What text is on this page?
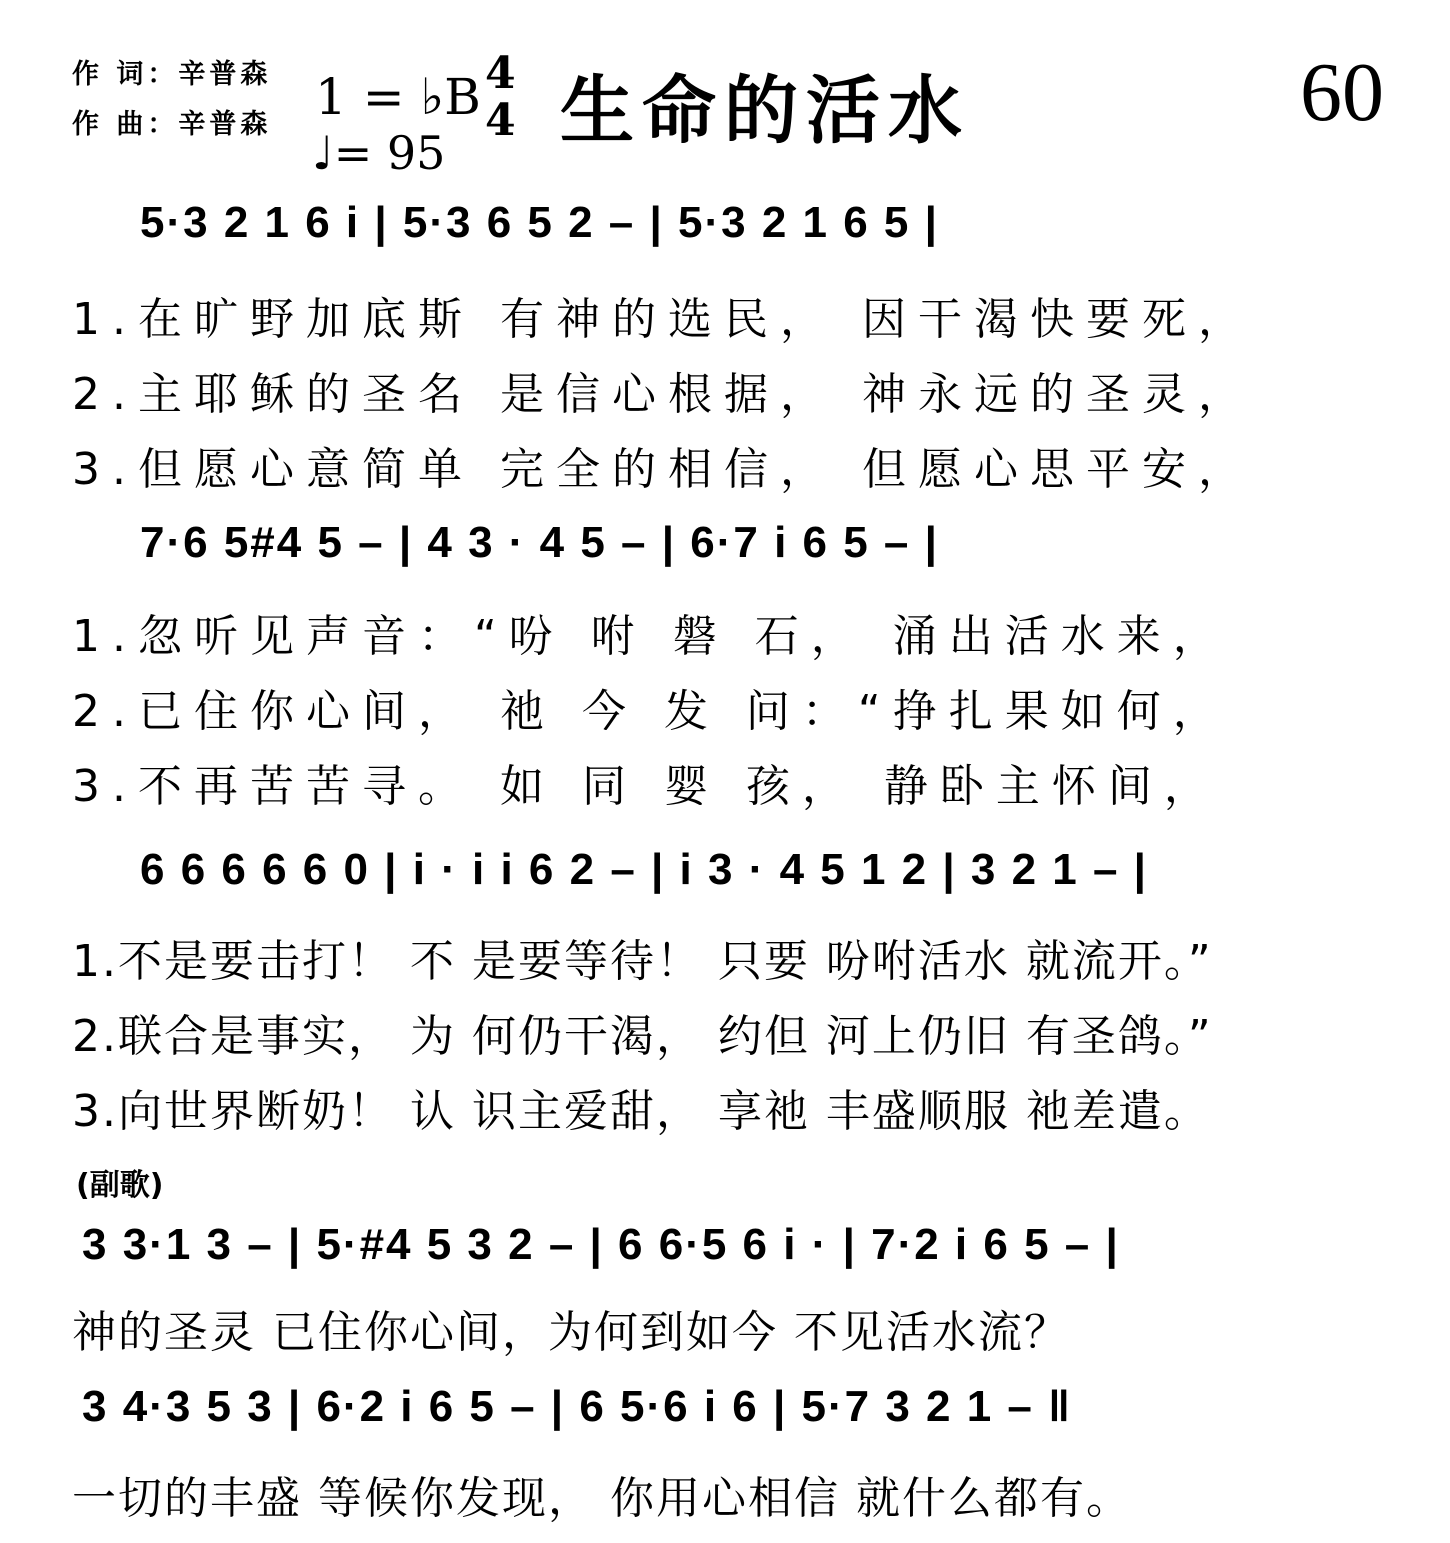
作 词：辛普森
作 曲：辛普森 1 = ♭B 4
4
♩= 95 生命的活水	60
5·3 2 1 6 i | 5·3 6 5 2 – | 5·3 2 1 6 5 |
1.在旷野加底斯 有神的选民， 因干渴快要死，
2.主耶稣的圣名 是信心根据， 神永远的圣灵，
3.但愿心意简单 完全的相信， 但愿心思平安，
7·6 5#4 5 – | 4 3 · 4 5 – | 6·7 i 6 5 – |
1.忽听见声音：“吩 咐 磐 石， 涌出活水来，
2.已住你心间， 祂 今 发 问：“挣扎果如何，
3.不再苦苦寻。 如 同 婴 孩， 静卧主怀间，
6 6 6 6 6 0 | i · i i 6 2 – | i 3 · 4 5 1 2 | 3 2 1 – |
1.不是要击打！ 不 是要等待！ 只要 吩咐活水 就流开。”
2.联合是事实， 为 何仍干渴， 约但 河上仍旧 有圣鸽。”
3.向世界断奶！ 认 识主爱甜， 享祂 丰盛顺服 祂差遣。
(副歌)
3 3·1 3 – | 5·#4 5 3 2 – | 6 6·5 6 i · | 7·2 i 6 5 – |
神的圣灵 已住你心间，为何到如今 不见活水流？
3 4·3 5 3 | 6·2 i 6 5 – | 6 5·6 i 6 | 5·7 3 2 1 – ‖
一切的丰盛 等候你发现， 你用心相信 就什么都有。
